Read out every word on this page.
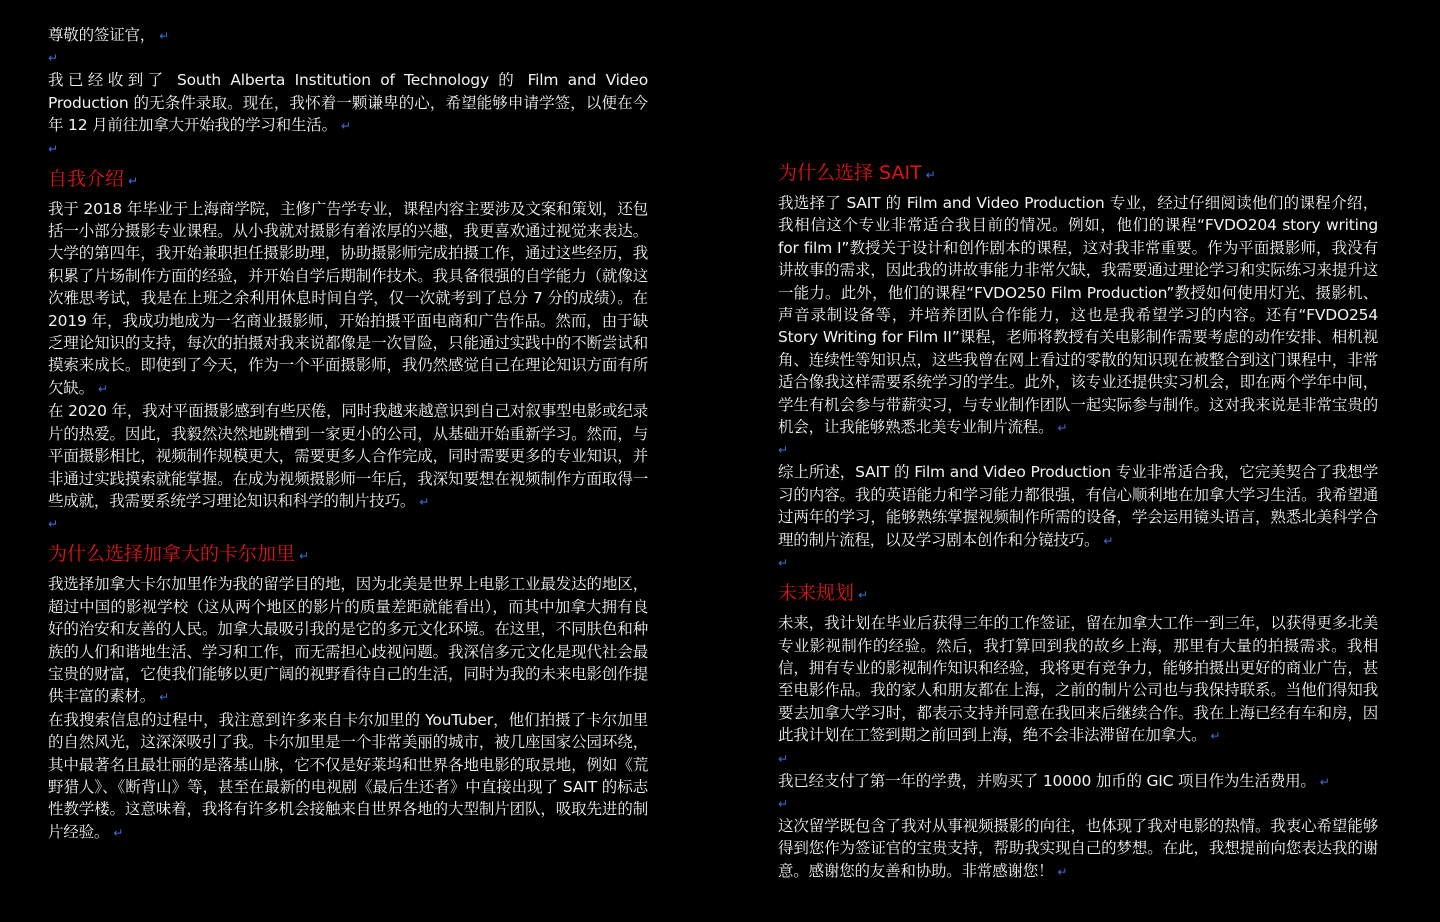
尊敬的签证官， ↵

↵

我已经收到了 South Alberta Institution of Technology 的 Film and Video Production 的无条件录取。现在，我怀着一颗谦卑的心，希望能够申请学签，以便在今年 12 月前往加拿大开始我的学习和生活。 ↵

↵
自我介绍 ↵

我于 2018 年毕业于上海商学院，主修广告学专业，课程内容主要涉及文案和策划，还包括一小部分摄影专业课程。从小我就对摄影有着浓厚的兴趣，我更喜欢通过视觉来表达。大学的第四年，我开始兼职担任摄影助理，协助摄影师完成拍摄工作，通过这些经历，我积累了片场制作方面的经验，并开始自学后期制作技术。我具备很强的自学能力（就像这次雅思考试，我是在上班之余利用休息时间自学，仅一次就考到了总分 7 分的成绩）。在 2019 年，我成功地成为一名商业摄影师，开始拍摄平面电商和广告作品。然而，由于缺乏理论知识的支持，每次的拍摄对我来说都像是一次冒险，只能通过实践中的不断尝试和摸索来成长。即使到了今天，作为一个平面摄影师，我仍然感觉自己在理论知识方面有所欠缺。 ↵

在 2020 年，我对平面摄影感到有些厌倦，同时我越来越意识到自己对叙事型电影或纪录片的热爱。因此，我毅然决然地跳槽到一家更小的公司，从基础开始重新学习。然而，与平面摄影相比，视频制作规模更大，需要更多人合作完成，同时需要更多的专业知识，并非通过实践摸索就能掌握。在成为视频摄影师一年后，我深知要想在视频制作方面取得一些成就，我需要系统学习理论知识和科学的制片技巧。 ↵

↵
为什么选择加拿大的卡尔加里 ↵

我选择加拿大卡尔加里作为我的留学目的地，因为北美是世界上电影工业最发达的地区，超过中国的影视学校（这从两个地区的影片的质量差距就能看出），而其中加拿大拥有良好的治安和友善的人民。加拿大最吸引我的是它的多元文化环境。在这里，不同肤色和种族的人们和谐地生活、学习和工作，而无需担心歧视问题。我深信多元文化是现代社会最宝贵的财富，它使我们能够以更广阔的视野看待自己的生活，同时为我的未来电影创作提供丰富的素材。 ↵

在我搜索信息的过程中，我注意到许多来自卡尔加里的 YouTuber，他们拍摄了卡尔加里的自然风光，这深深吸引了我。卡尔加里是一个非常美丽的城市，被几座国家公园环绕，其中最著名且最壮丽的是落基山脉，它不仅是好莱坞和世界各地电影的取景地，例如《荒野猎人》、《断背山》等，甚至在最新的电视剧《最后生还者》中直接出现了 SAIT 的标志性教学楼。这意味着，我将有许多机会接触来自世界各地的大型制片团队，吸取先进的制片经验。 ↵

为什么选择 SAIT ↵

我选择了 SAIT 的 Film and Video Production 专业，经过仔细阅读他们的课程介绍，我相信这个专业非常适合我目前的情况。例如，他们的课程“FVDO204 story writing for film I”教授关于设计和创作剧本的课程，这对我非常重要。作为平面摄影师，我没有讲故事的需求，因此我的讲故事能力非常欠缺，我需要通过理论学习和实际练习来提升这一能力。此外，他们的课程“FVDO250 Film Production”教授如何使用灯光、摄影机、声音录制设备等，并培养团队合作能力，这也是我希望学习的内容。还有“FVDO254 Story Writing for Film II”课程，老师将教授有关电影制作需要考虑的动作安排、相机视角、连续性等知识点，这些我曾在网上看过的零散的知识现在被整合到这门课程中，非常适合像我这样需要系统学习的学生。此外，该专业还提供实习机会，即在两个学年中间，学生有机会参与带薪实习，与专业制作团队一起实际参与制作。这对我来说是非常宝贵的机会，让我能够熟悉北美专业制片流程。 ↵

↵

综上所述，SAIT 的 Film and Video Production 专业非常适合我，它完美契合了我想学习的内容。我的英语能力和学习能力都很强，有信心顺利地在加拿大学习生活。我希望通过两年的学习，能够熟练掌握视频制作所需的设备，学会运用镜头语言，熟悉北美科学合理的制片流程，以及学习剧本创作和分镜技巧。 ↵

↵
未来规划 ↵

未来，我计划在毕业后获得三年的工作签证，留在加拿大工作一到三年，以获得更多北美专业影视制作的经验。然后，我打算回到我的故乡上海，那里有大量的拍摄需求。我相信，拥有专业的影视制作知识和经验，我将更有竞争力，能够拍摄出更好的商业广告，甚至电影作品。我的家人和朋友都在上海，之前的制片公司也与我保持联系。当他们得知我要去加拿大学习时，都表示支持并同意在我回来后继续合作。我在上海已经有车和房，因此我计划在工签到期之前回到上海，绝不会非法滞留在加拿大。 ↵

↵

我已经支付了第一年的学费，并购买了 10000 加币的 GIC 项目作为生活费用。 ↵

↵

这次留学既包含了我对从事视频摄影的向往，也体现了我对电影的热情。我衷心希望能够得到您作为签证官的宝贵支持，帮助我实现自己的梦想。在此，我想提前向您表达我的谢意。感谢您的友善和协助。非常感谢您！ ↵
